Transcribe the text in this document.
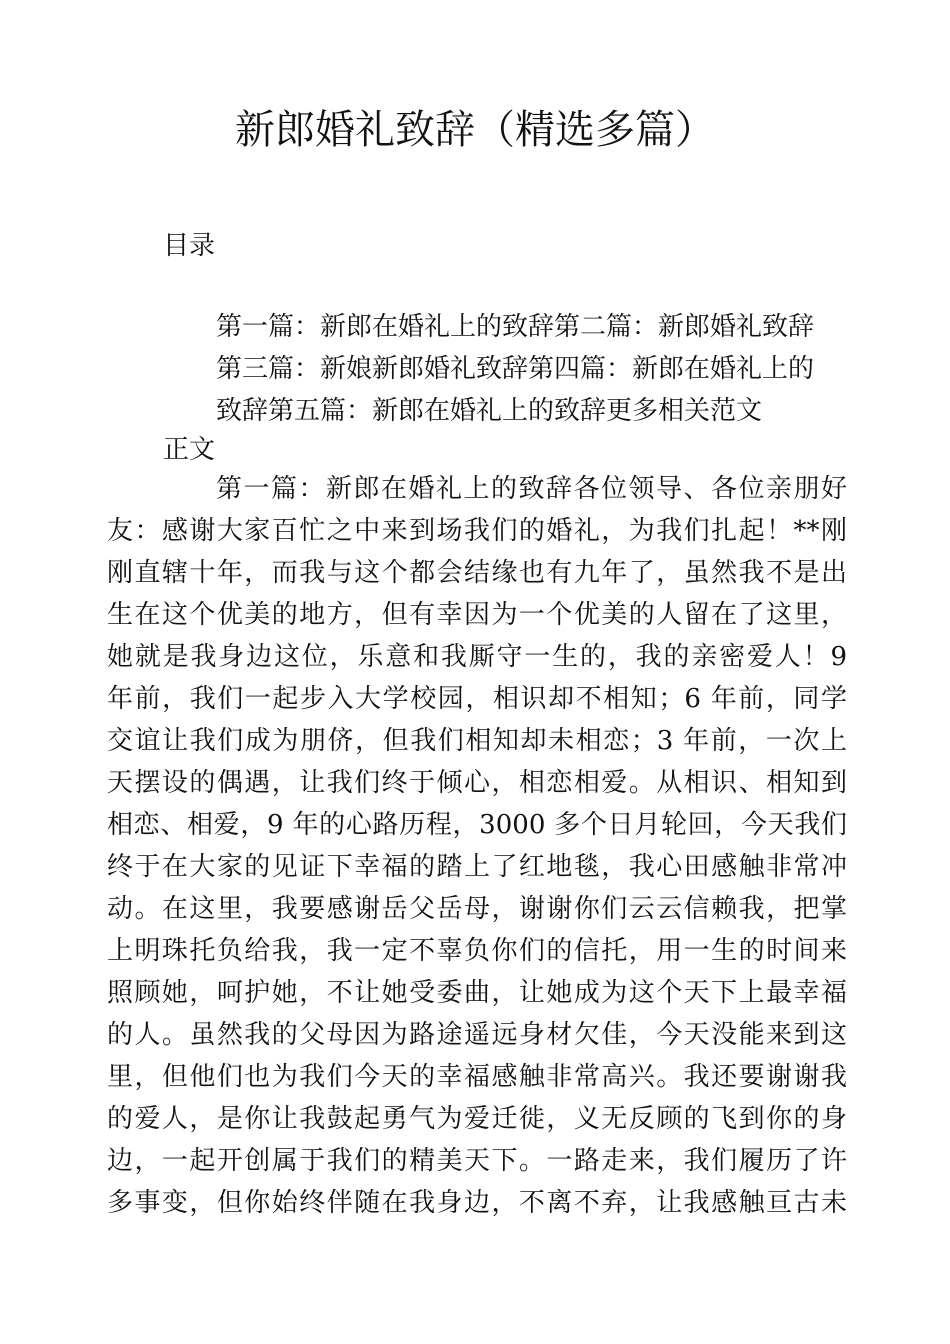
新郎婚礼致辞（精选多篇）
目录
第一篇：新郎在婚礼上的致辞第二篇：新郎婚礼致辞
第三篇：新娘新郎婚礼致辞第四篇：新郎在婚礼上的
致辞第五篇：新郎在婚礼上的致辞更多相关范文
正文
第一篇：新郎在婚礼上的致辞各位领导、各位亲朋好
友：感谢大家百忙之中来到场我们的婚礼，为我们扎起！**刚
刚直辖十年，而我与这个都会结缘也有九年了，虽然我不是出
生在这个优美的地方，但有幸因为一个优美的人留在了这里，
她就是我身边这位，乐意和我厮守一生的，我的亲密爱人！9
年前，我们一起步入大学校园，相识却不相知；6 年前，同学
交谊让我们成为朋侪，但我们相知却未相恋；3 年前，一次上
天摆设的偶遇，让我们终于倾心，相恋相爱。从相识、相知到
相恋、相爱，9 年的心路历程，3000 多个日月轮回，今天我们
终于在大家的见证下幸福的踏上了红地毯，我心田感触非常冲
动。在这里，我要感谢岳父岳母，谢谢你们云云信赖我，把掌
上明珠托负给我，我一定不辜负你们的信托，用一生的时间来
照顾她，呵护她，不让她受委曲，让她成为这个天下上最幸福
的人。虽然我的父母因为路途遥远身材欠佳，今天没能来到这
里，但他们也为我们今天的幸福感触非常高兴。我还要谢谢我
的爱人，是你让我鼓起勇气为爱迁徙，义无反顾的飞到你的身
边，一起开创属于我们的精美天下。一路走来，我们履历了许
多事变，但你始终伴随在我身边，不离不弃，让我感触亘古未
